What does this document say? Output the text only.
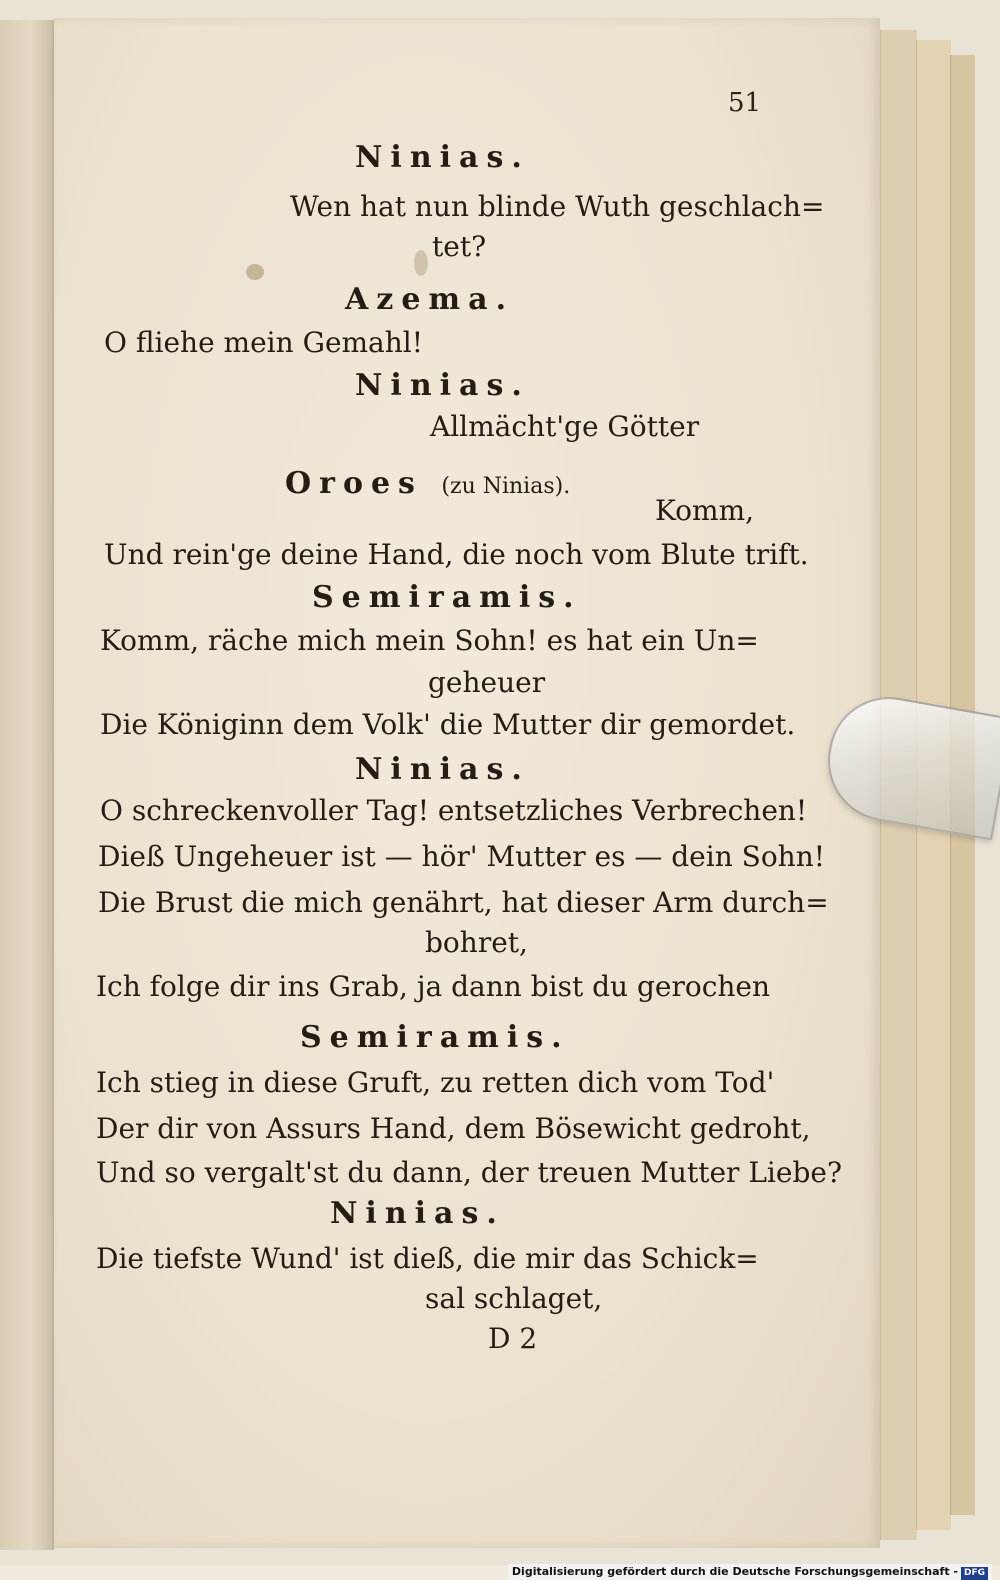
51
Ninias.
Wen hat nun blinde Wuth geschlach=
tet?
Azema.
O fliehe mein Gemahl!
Ninias.
Allmächt'ge Götter
Oroes (zu Ninias).
Komm,
Und rein'ge deine Hand, die noch vom Blute trift.
Semiramis.
Komm, räche mich mein Sohn! es hat ein Un=
geheuer
Die Königinn dem Volk' die Mutter dir gemordet.
Ninias.
O schreckenvoller Tag! entsetzliches Verbrechen!
Dieß Ungeheuer ist — hör' Mutter es — dein Sohn!
Die Brust die mich genährt, hat dieser Arm durch=
bohret,
Ich folge dir ins Grab, ja dann bist du gerochen
Semiramis.
Ich stieg in diese Gruft, zu retten dich vom Tod'
Der dir von Assurs Hand, dem Bösewicht gedroht,
Und so vergalt'st du dann, der treuen Mutter Liebe?
Ninias.
Die tiefste Wund' ist dieß, die mir das Schick=
sal schlaget,
D 2
Digitalisierung gefördert durch die Deutsche Forschungsgemeinschaft - DFG
